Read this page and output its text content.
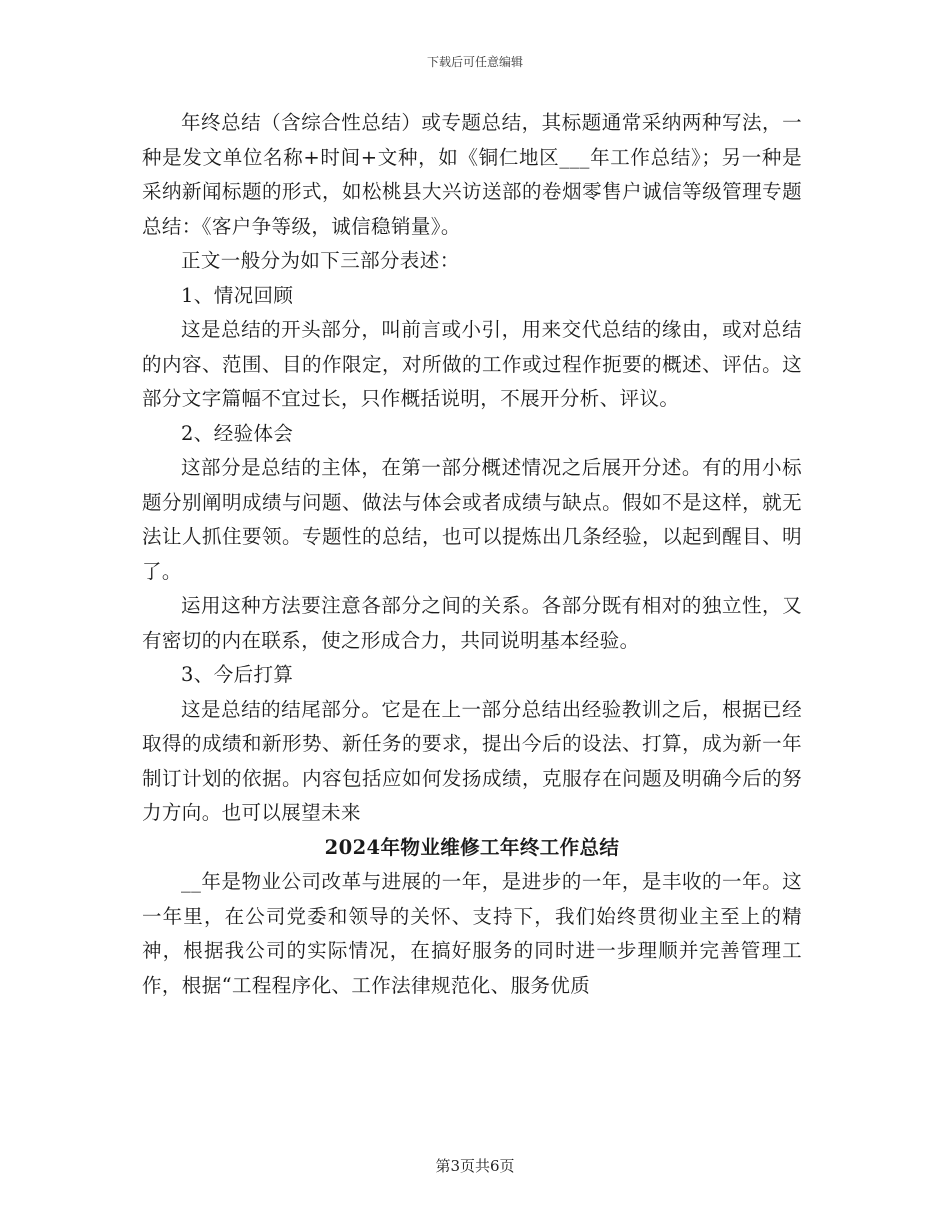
下载后可任意编辑

年终总结（含综合性总结）或专题总结，其标题通常采纳两种写法，一种是发文单位名称+时间+文种，如《铜仁地区___年工作总结》；另一种是采纳新闻标题的形式，如松桃县大兴访送部的卷烟零售户诚信等级管理专题总结：《客户争等级，诚信稳销量》。

正文一般分为如下三部分表述：

1、情况回顾

这是总结的开头部分，叫前言或小引，用来交代总结的缘由，或对总结的内容、范围、目的作限定，对所做的工作或过程作扼要的概述、评估。这部分文字篇幅不宜过长，只作概括说明，不展开分析、评议。

2、经验体会

这部分是总结的主体，在第一部分概述情况之后展开分述。有的用小标题分别阐明成绩与问题、做法与体会或者成绩与缺点。假如不是这样，就无法让人抓住要领。专题性的总结，也可以提炼出几条经验，以起到醒目、明了。

运用这种方法要注意各部分之间的关系。各部分既有相对的独立性，又有密切的内在联系，使之形成合力，共同说明基本经验。

3、今后打算

这是总结的结尾部分。它是在上一部分总结出经验教训之后，根据已经取得的成绩和新形势、新任务的要求，提出今后的设法、打算，成为新一年制订计划的依据。内容包括应如何发扬成绩，克服存在问题及明确今后的努力方向。也可以展望未来

2024年物业维修工年终工作总结

__年是物业公司改革与进展的一年，是进步的一年，是丰收的一年。这一年里，在公司党委和领导的关怀、支持下，我们始终贯彻业主至上的精神，根据我公司的实际情况，在搞好服务的同时进一步理顺并完善管理工作，根据“工程程序化、工作法律规范化、服务优质

第3页共6页
